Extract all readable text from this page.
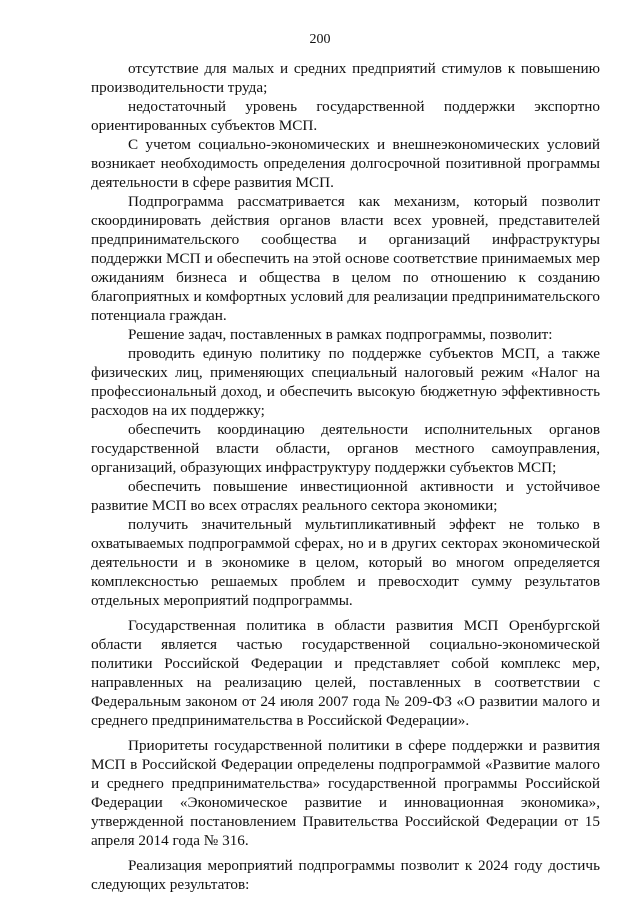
200

отсутствие для малых и средних предприятий стимулов к повышению производительности труда;

недостаточный уровень государственной поддержки экспортно ориентированных субъектов МСП.

С учетом социально-экономических и внешнеэкономических условий возникает необходимость определения долгосрочной позитивной программы деятельности в сфере развития МСП.

Подпрограмма рассматривается как механизм, который позволит скоординировать действия органов власти всех уровней, представителей предпринимательского сообщества и организаций инфраструктуры поддержки МСП и обеспечить на этой основе соответствие принимаемых мер ожиданиям бизнеса и общества в целом по отношению к созданию благоприятных и комфортных условий для реализации предпринимательского потенциала граждан.

Решение задач, поставленных в рамках подпрограммы, позволит:

проводить единую политику по поддержке субъектов МСП, а также физических лиц, применяющих специальный налоговый режим «Налог на профессиональный доход, и обеспечить высокую бюджетную эффективность расходов на их поддержку;

обеспечить координацию деятельности исполнительных органов государственной власти области, органов местного самоуправления, организаций, образующих инфраструктуру поддержки субъектов МСП;

обеспечить повышение инвестиционной активности и устойчивое развитие МСП во всех отраслях реального сектора экономики;

получить значительный мультипликативный эффект не только в охватываемых подпрограммой сферах, но и в других секторах экономической деятельности и в экономике в целом, который во многом определяется комплексностью решаемых проблем и превосходит сумму результатов отдельных мероприятий подпрограммы.

Государственная политика в области развития МСП Оренбургской области является частью государственной социально-экономической политики Российской Федерации и представляет собой комплекс мер, направленных на реализацию целей, поставленных в соответствии с Федеральным законом от 24 июля 2007 года № 209-ФЗ «О развитии малого и среднего предпринимательства в Российской Федерации».

Приоритеты государственной политики в сфере поддержки и развития МСП в Российской Федерации определены подпрограммой «Развитие малого и среднего предпринимательства» государственной программы Российской Федерации «Экономическое развитие и инновационная экономика», утвержденной постановлением Правительства Российской Федерации от 15 апреля 2014 года № 316.

Реализация мероприятий подпрограммы позволит к 2024 году достичь следующих результатов:
